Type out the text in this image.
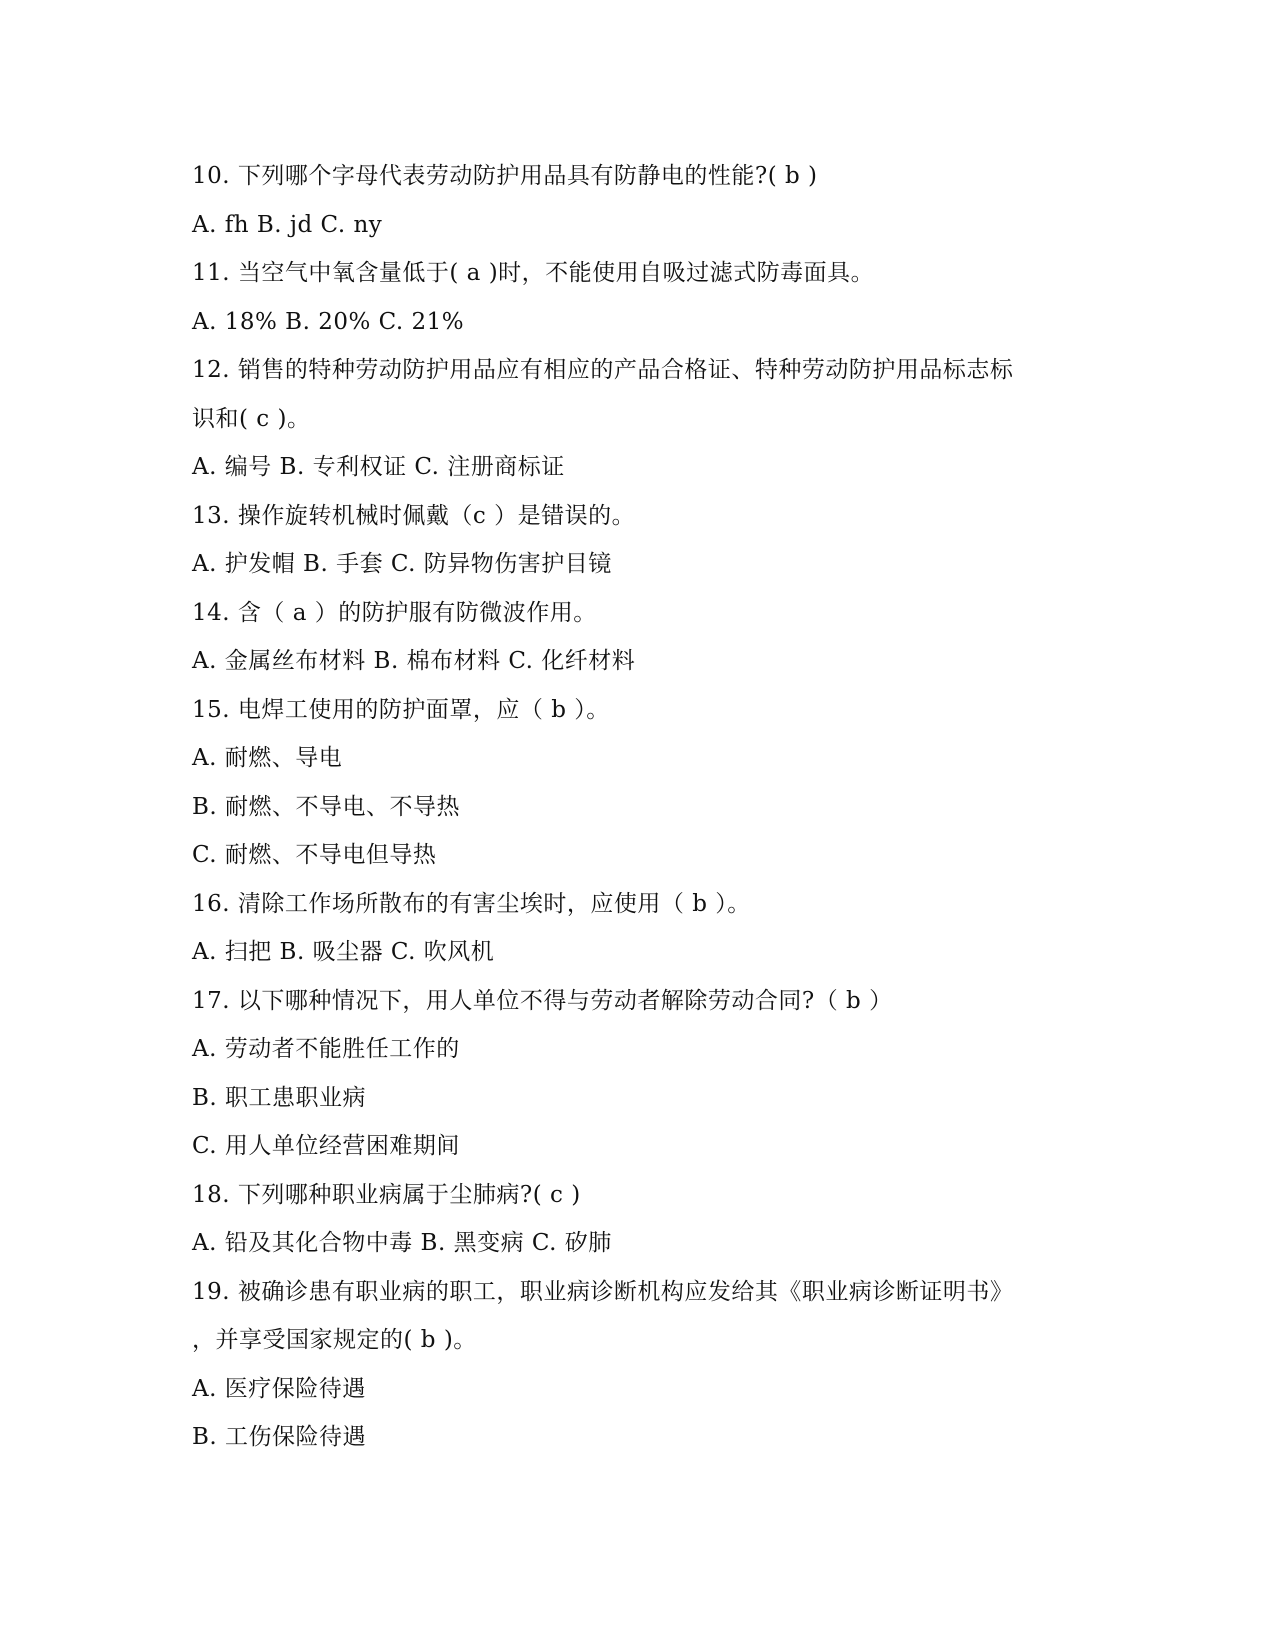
10. 下列哪个字母代表劳动防护用品具有防静电的性能?( b )
A. fh B. jd C. ny
11. 当空气中氧含量低于( a )时，不能使用自吸过滤式防毒面具。
A. 18% B. 20% C. 21%
12. 销售的特种劳动防护用品应有相应的产品合格证、特种劳动防护用品标志标
识和( c )。
A. 编号 B. 专利权证 C. 注册商标证
13. 操作旋转机械时佩戴（c ）是错误的。
A. 护发帽 B. 手套 C. 防异物伤害护目镜
14. 含（ a ）的防护服有防微波作用。
A. 金属丝布材料 B. 棉布材料 C. 化纤材料
15. 电焊工使用的防护面罩，应（ b ）。
A. 耐燃、导电
B. 耐燃、不导电、不导热
C. 耐燃、不导电但导热
16. 清除工作场所散布的有害尘埃时，应使用（ b ）。
A. 扫把 B. 吸尘器 C. 吹风机
17. 以下哪种情况下，用人单位不得与劳动者解除劳动合同?（ b ）
A. 劳动者不能胜任工作的
B. 职工患职业病
C. 用人单位经营困难期间
18. 下列哪种职业病属于尘肺病?( c )
A. 铅及其化合物中毒 B. 黑变病 C. 矽肺
19. 被确诊患有职业病的职工，职业病诊断机构应发给其《职业病诊断证明书》
，并享受国家规定的( b )。
A. 医疗保险待遇
B. 工伤保险待遇
